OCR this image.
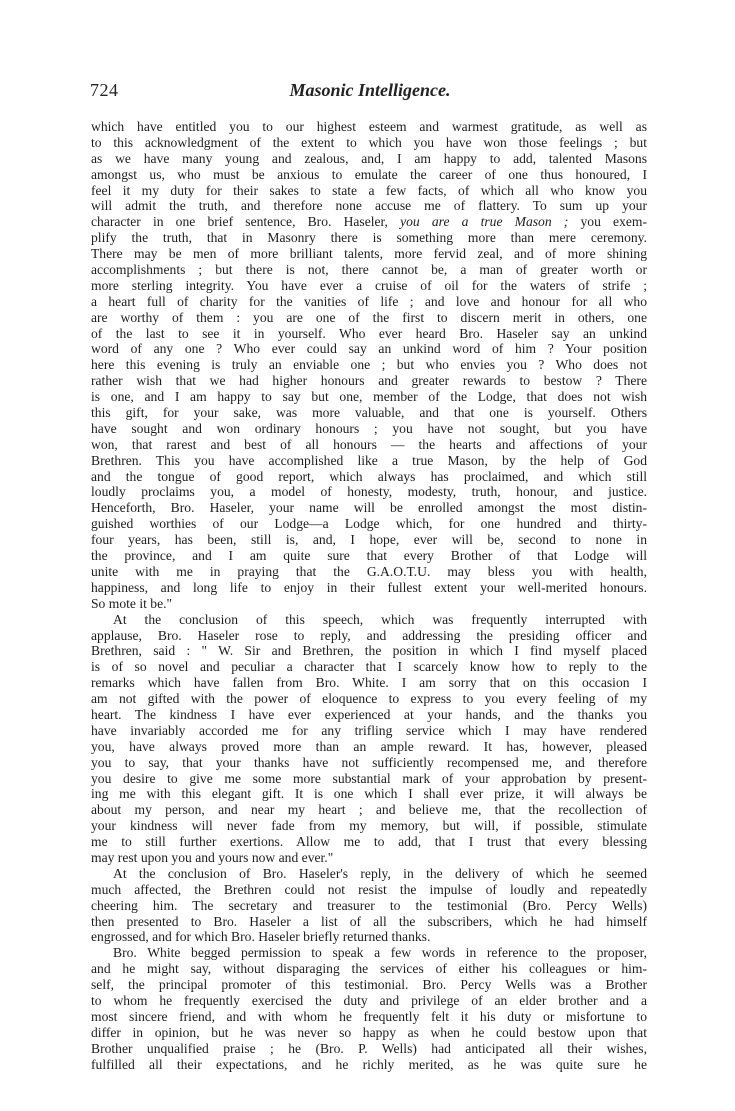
724	Masonic Intelligence.
which have entitled you to our highest esteem and warmest gratitude, as well as
to this acknowledgment of the extent to which you have won those feelings ; but
as we have many young and zealous, and, I am happy to add, talented Masons
amongst us, who must be anxious to emulate the career of one thus honoured, I
feel it my duty for their sakes to state a few facts, of which all who know you
will admit the truth, and therefore none accuse me of flattery. To sum up your
character in one brief sentence, Bro. Haseler, you are a true Mason ; you exem-
plify the truth, that in Masonry there is something more than mere ceremony.
There may be men of more brilliant talents, more fervid zeal, and of more shining
accomplishments ; but there is not, there cannot be, a man of greater worth or
more sterling integrity. You have ever a cruise of oil for the waters of strife ;
a heart full of charity for the vanities of life ; and love and honour for all who
are worthy of them : you are one of the first to discern merit in others, one
of the last to see it in yourself. Who ever heard Bro. Haseler say an unkind
word of any one ? Who ever could say an unkind word of him ? Your position
here this evening is truly an enviable one ; but who envies you ? Who does not
rather wish that we had higher honours and greater rewards to bestow ? There
is one, and I am happy to say but one, member of the Lodge, that does not wish
this gift, for your sake, was more valuable, and that one is yourself. Others
have sought and won ordinary honours ; you have not sought, but you have
won, that rarest and best of all honours — the hearts and affections of your
Brethren. This you have accomplished like a true Mason, by the help of God
and the tongue of good report, which always has proclaimed, and which still
loudly proclaims you, a model of honesty, modesty, truth, honour, and justice.
Henceforth, Bro. Haseler, your name will be enrolled amongst the most distin-
guished worthies of our Lodge—a Lodge which, for one hundred and thirty-
four years, has been, still is, and, I hope, ever will be, second to none in
the province, and I am quite sure that every Brother of that Lodge will
unite with me in praying that the G.A.O.T.U. may bless you with health,
happiness, and long life to enjoy in their fullest extent your well-merited honours.
So mote it be."
At the conclusion of this speech, which was frequently interrupted with
applause, Bro. Haseler rose to reply, and addressing the presiding officer and
Brethren, said : " W. Sir and Brethren, the position in which I find myself placed
is of so novel and peculiar a character that I scarcely know how to reply to the
remarks which have fallen from Bro. White. I am sorry that on this occasion I
am not gifted with the power of eloquence to express to you every feeling of my
heart. The kindness I have ever experienced at your hands, and the thanks you
have invariably accorded me for any trifling service which I may have rendered
you, have always proved more than an ample reward. It has, however, pleased
you to say, that your thanks have not sufficiently recompensed me, and therefore
you desire to give me some more substantial mark of your approbation by present-
ing me with this elegant gift. It is one which I shall ever prize, it will always be
about my person, and near my heart ; and believe me, that the recollection of
your kindness will never fade from my memory, but will, if possible, stimulate
me to still further exertions. Allow me to add, that I trust that every blessing
may rest upon you and yours now and ever."
At the conclusion of Bro. Haseler's reply, in the delivery of which he seemed
much affected, the Brethren could not resist the impulse of loudly and repeatedly
cheering him. The secretary and treasurer to the testimonial (Bro. Percy Wells)
then presented to Bro. Haseler a list of all the subscribers, which he had himself
engrossed, and for which Bro. Haseler briefly returned thanks.
Bro. White begged permission to speak a few words in reference to the proposer,
and he might say, without disparaging the services of either his colleagues or him-
self, the principal promoter of this testimonial. Bro. Percy Wells was a Brother
to whom he frequently exercised the duty and privilege of an elder brother and a
most sincere friend, and with whom he frequently felt it his duty or misfortune to
differ in opinion, but he was never so happy as when he could bestow upon that
Brother unqualified praise ; he (Bro. P. Wells) had anticipated all their wishes,
fulfilled all their expectations, and he richly merited, as he was quite sure he
